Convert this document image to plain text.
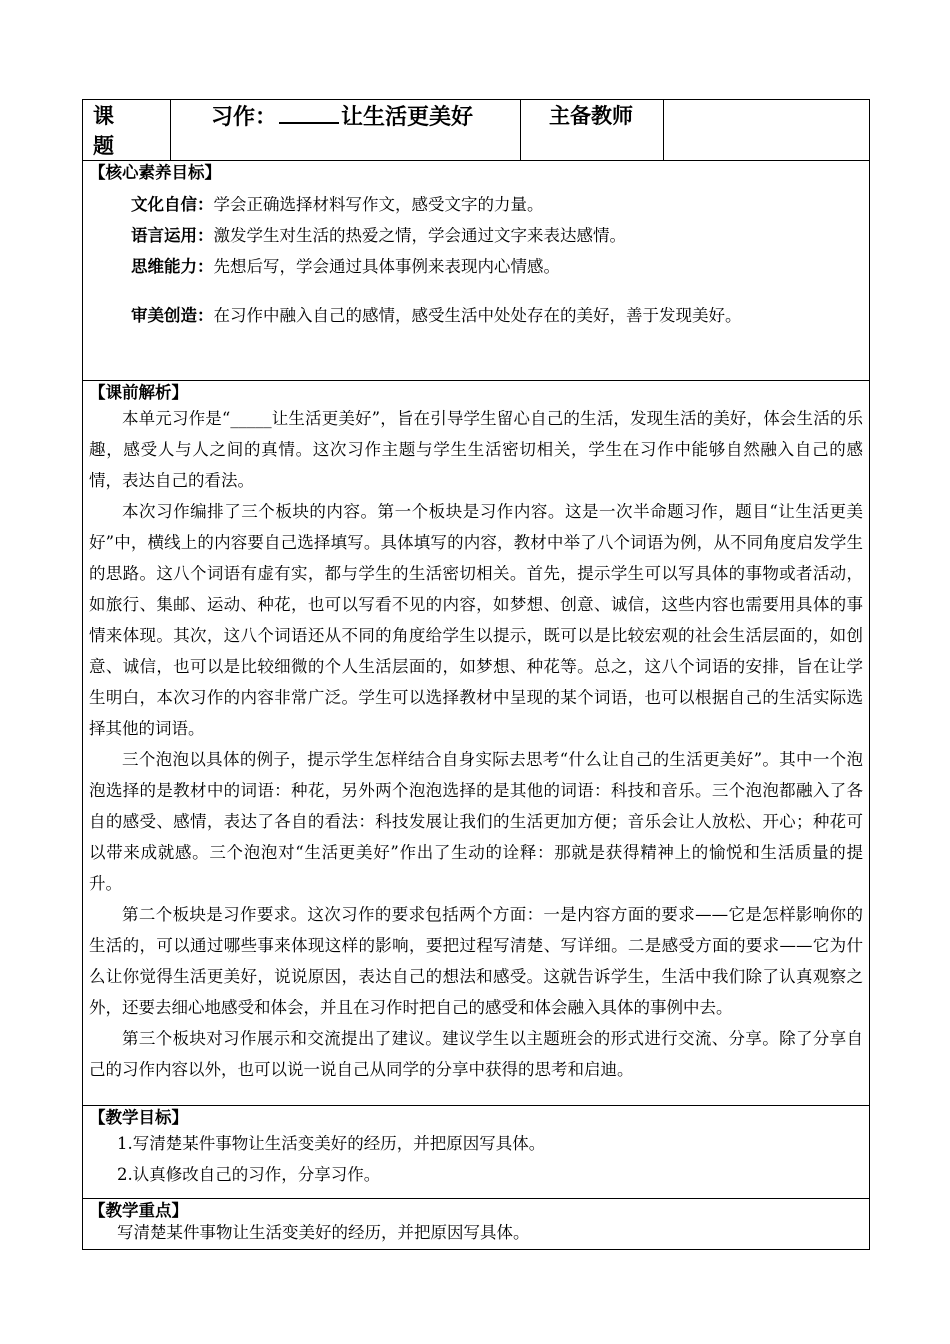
课 题	习作：	让生活更美好	主备教师	

【核心素养目标】
文化自信：学会正确选择材料写作文，感受文字的力量。
语言运用：激发学生对生活的热爱之情，学会通过文字来表达感情。
思维能力：先想后写，学会通过具体事例来表现内心情感。
审美创造：在习作中融入自己的感情，感受生活中处处存在的美好，善于发现美好。

【课前解析】

本单元习作是“_____让生活更美好”，旨在引导学生留心自己的生活，发现生活的美好，体会生活的乐趣，感受人与人之间的真情。这次习作主题与学生生活密切相关，学生在习作中能够自然融入自己的感情，表达自己的看法。

本次习作编排了三个板块的内容。第一个板块是习作内容。这是一次半命题习作，题目“让生活更美好”中，横线上的内容要自己选择填写。具体填写的内容，教材中举了八个词语为例，从不同角度启发学生的思路。这八个词语有虚有实，都与学生的生活密切相关。首先，提示学生可以写具体的事物或者活动，如旅行、集邮、运动、种花，也可以写看不见的内容，如梦想、创意、诚信，这些内容也需要用具体的事情来体现。其次，这八个词语还从不同的角度给学生以提示，既可以是比较宏观的社会生活层面的，如创意、诚信，也可以是比较细微的个人生活层面的，如梦想、种花等。总之，这八个词语的安排，旨在让学生明白，本次习作的内容非常广泛。学生可以选择教材中呈现的某个词语，也可以根据自己的生活实际选择其他的词语。

三个泡泡以具体的例子，提示学生怎样结合自身实际去思考“什么让自己的生活更美好”。其中一个泡泡选择的是教材中的词语：种花，另外两个泡泡选择的是其他的词语：科技和音乐。三个泡泡都融入了各自的感受、感情，表达了各自的看法：科技发展让我们的生活更加方便；音乐会让人放松、开心；种花可以带来成就感。三个泡泡对“生活更美好”作出了生动的诠释：那就是获得精神上的愉悦和生活质量的提升。

第二个板块是习作要求。这次习作的要求包括两个方面：一是内容方面的要求——它是怎样影响你的生活的，可以通过哪些事来体现这样的影响，要把过程写清楚、写详细。二是感受方面的要求——它为什么让你觉得生活更美好，说说原因，表达自己的想法和感受。这就告诉学生，生活中我们除了认真观察之外，还要去细心地感受和体会，并且在习作时把自己的感受和体会融入具体的事例中去。

第三个板块对习作展示和交流提出了建议。建议学生以主题班会的形式进行交流、分享。除了分享自己的习作内容以外，也可以说一说自己从同学的分享中获得的思考和启迪。

【教学目标】
1.写清楚某件事物让生活变美好的经历，并把原因写具体。
2.认真修改自己的习作，分享习作。

【教学重点】
写清楚某件事物让生活变美好的经历，并把原因写具体。
